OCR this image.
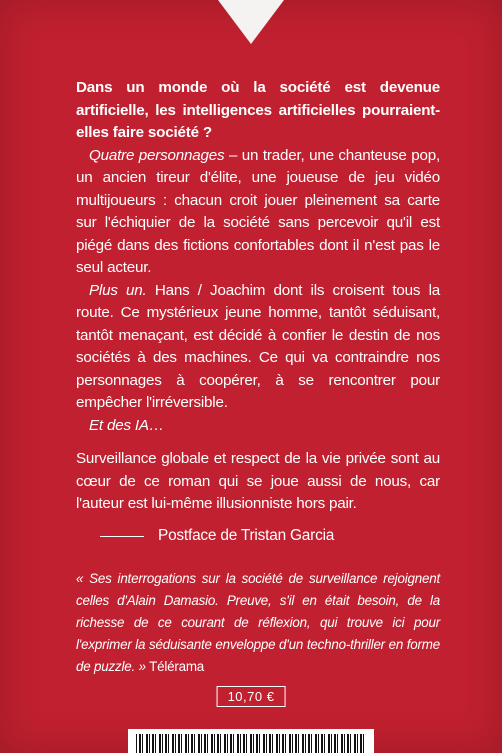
Dans un monde où la société est devenue artificielle, les intelligences artificielles pourraient-elles faire société ?

Quatre personnages – un trader, une chanteuse pop, un ancien tireur d'élite, une joueuse de jeu vidéo multijoueurs : chacun croit jouer pleinement sa carte sur l'échiquier de la société sans percevoir qu'il est piégé dans des fictions confortables dont il n'est pas le seul acteur.

Plus un. Hans / Joachim dont ils croisent tous la route. Ce mystérieux jeune homme, tantôt séduisant, tantôt menaçant, est décidé à confier le destin de nos sociétés à des machines. Ce qui va contraindre nos personnages à coopérer, à se rencontrer pour empêcher l'irréversible.

Et des IA…

Surveillance globale et respect de la vie privée sont au cœur de ce roman qui se joue aussi de nous, car l'auteur est lui-même illusionniste hors pair.

Postface de Tristan Garcia

« Ses interrogations sur la société de surveillance rejoignent celles d'Alain Damasio. Preuve, s'il en était besoin, de la richesse de ce courant de réflexion, qui trouve ici pour l'exprimer la séduisante enveloppe d'un techno-thriller en forme de puzzle. » Télérama

10,70 €
